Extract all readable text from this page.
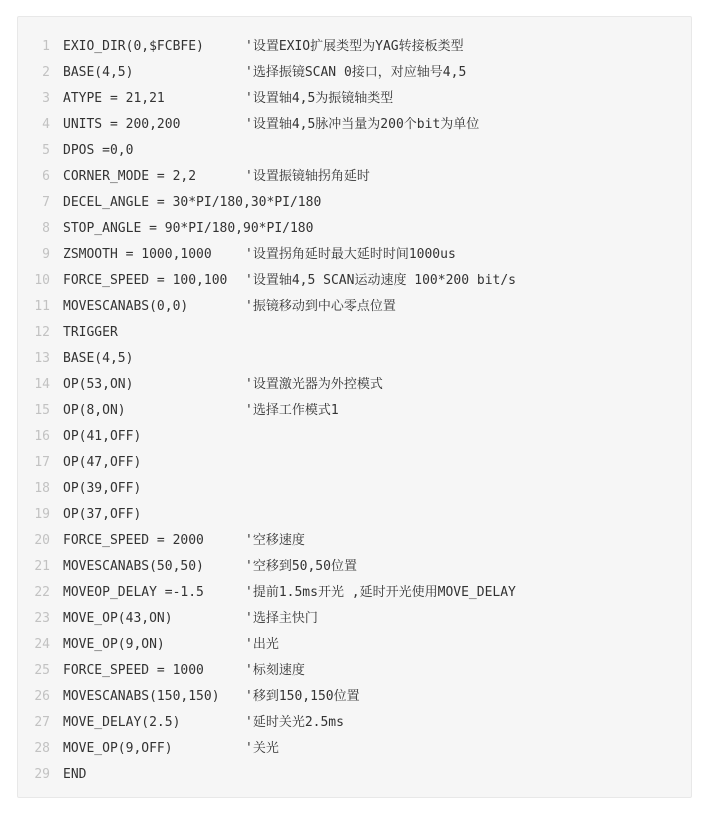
1 EXIO_DIR(0,$FCBFE)	'设置EXIO扩展类型为YAG转接板类型
2 BASE(4,5)	'选择振镜SCAN 0接口，对应轴号4,5
3 ATYPE = 21,21	'设置轴4,5为振镜轴类型
4 UNITS = 200,200	'设置轴4,5脉冲当量为200个bit为单位
5 DPOS =0,0
6 CORNER_MODE = 2,2	'设置振镜轴拐角延时
7 DECEL_ANGLE = 30*PI/180,30*PI/180
8 STOP_ANGLE = 90*PI/180,90*PI/180
9 ZSMOOTH = 1000,1000	'设置拐角延时最大延时时间1000us
10 FORCE_SPEED = 100,100 '设置轴4,5 SCAN运动速度 100*200 bit/s
11 MOVESCANABS(0,0)	'振镜移动到中心零点位置
12 TRIGGER
13 BASE(4,5)
14 OP(53,ON)	'设置激光器为外控模式
15 OP(8,ON)	'选择工作模式1
16 OP(41,OFF)
17 OP(47,OFF)
18 OP(39,OFF)
19 OP(37,OFF)
20 FORCE_SPEED = 2000	'空移速度
21 MOVESCANABS(50,50)	'空移到50,50位置
22 MOVEOP_DELAY =-1.5	'提前1.5ms开光 ,延时开光使用MOVE_DELAY
23 MOVE_OP(43,ON)	'选择主快门
24 MOVE_OP(9,ON)	'出光
25 FORCE_SPEED = 1000	'标刻速度
26 MOVESCANABS(150,150) '移到150,150位置
27 MOVE_DELAY(2.5)	'延时关光2.5ms
28 MOVE_OP(9,OFF)	'关光
29 END
